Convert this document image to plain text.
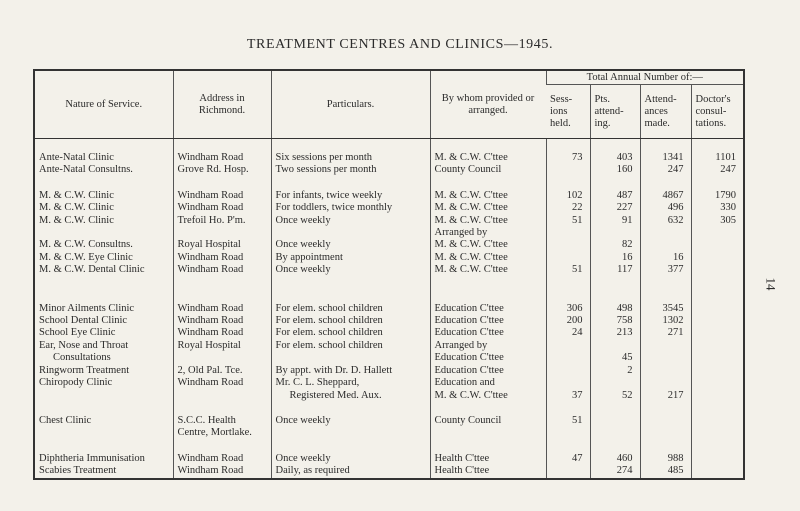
TREATMENT CENTRES AND CLINICS—1945.
14
Nature of Service.	Address in Richmond.	Particulars.	By whom provided or arranged.	Total Annual Number of:—			
				Sess- ions held.	Pts. attend- ing.	Attend- ances made.	Doctor's consul- tations.

Ante-Natal Clinic	Windham Road	Six sessions per month	M. & C.W. C'ttee	73	403	1341	1101
Ante-Natal Consultns.	Grove Rd. Hosp.	Two sessions per month	County Council		160	247	247

M. & C.W. Clinic	Windham Road	For infants, twice weekly	M. & C.W. C'ttee	102	487	4867	1790
M. & C.W. Clinic	Windham Road	For toddlers, twice monthly	M. & C.W. C'ttee	22	227	496	330
M. & C.W. Clinic	Trefoil Ho. P'm.	Once weekly	M. & C.W. C'ttee	51	91	632	305
			Arranged by				
M. & C.W. Consultns.	Royal Hospital	Once weekly	M. & C.W. C'ttee		82		
M. & C.W. Eye Clinic	Windham Road	By appointment	M. & C.W. C'ttee		16	16	
M. & C.W. Dental Clinic	Windham Road	Once weekly	M. & C.W. C'ttee	51	117	377	

Minor Ailments Clinic	Windham Road	For elem. school children	Education C'ttee	306	498	3545	
School Dental Clinic	Windham Road	For elem. school children	Education C'ttee	200	758	1302	
School Eye Clinic	Windham Road	For elem. school children	Education C'ttee	24	213	271	
Ear, Nose and Throat	Royal Hospital	For elem. school children	Arranged by				
Consultations			Education C'ttee		45		
Ringworm Treatment	2, Old Pal. Tce.	By appt. with Dr. D. Hallett	Education C'ttee		2		
Chiropody Clinic	Windham Road	Mr. C. L. Sheppard,	Education and				
		Registered Med. Aux.	M. & C.W. C'ttee	37	52	217	

Chest Clinic	S.C.C. Health	Once weekly	County Council	51			
	Centre, Mortlake.						

Diphtheria Immunisation	Windham Road	Once weekly	Health C'ttee	47	460	988	
Scabies Treatment	Windham Road	Daily, as required	Health C'ttee		274	485	
